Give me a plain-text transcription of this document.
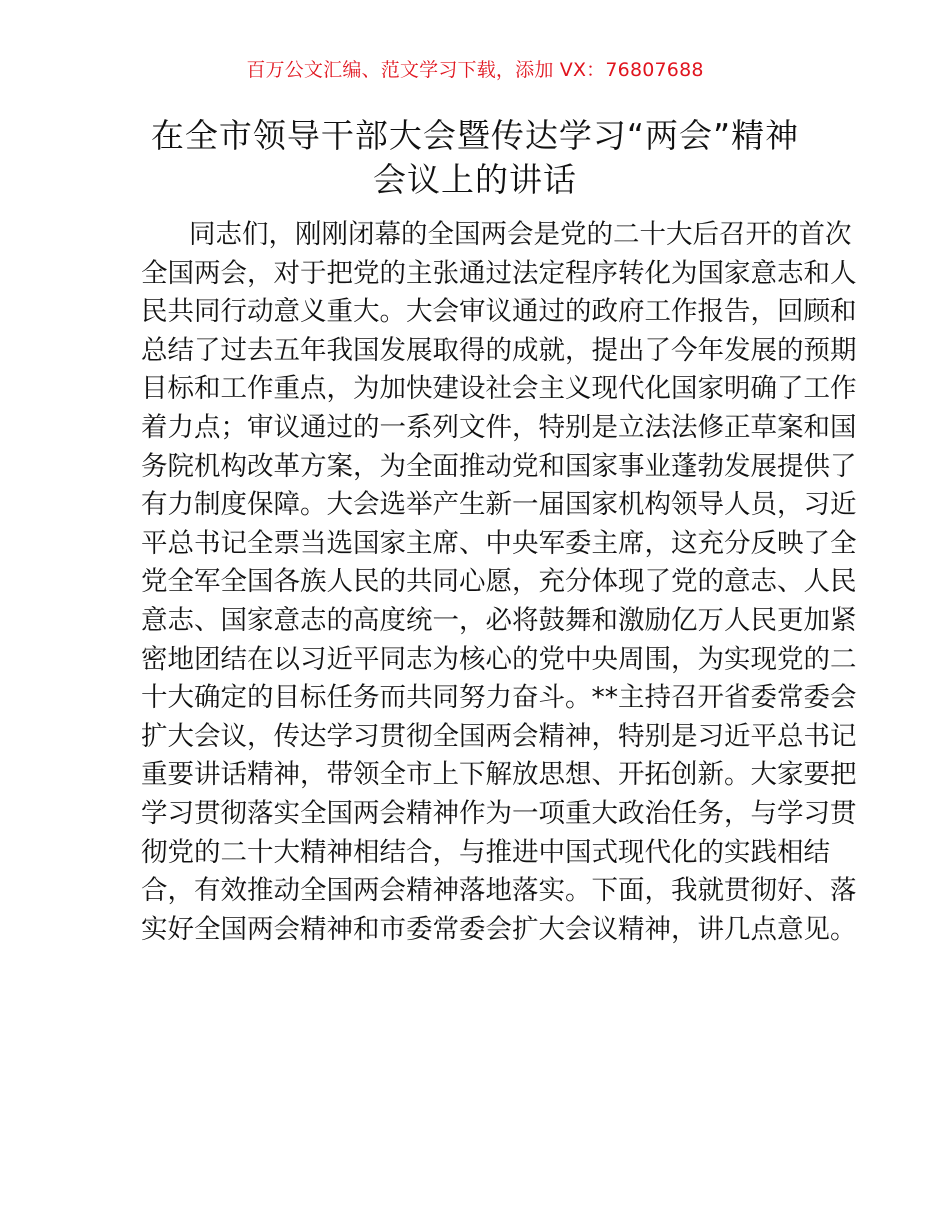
百万公文汇编、范文学习下载，添加 VX：76807688
在全市领导干部大会暨传达学习“两会”精神
会议上的讲话
同志们，刚刚闭幕的全国两会是党的二十大后召开的首次
全国两会，对于把党的主张通过法定程序转化为国家意志和人
民共同行动意义重大。大会审议通过的政府工作报告，回顾和
总结了过去五年我国发展取得的成就，提出了今年发展的预期
目标和工作重点，为加快建设社会主义现代化国家明确了工作
着力点；审议通过的一系列文件，特别是立法法修正草案和国
务院机构改革方案，为全面推动党和国家事业蓬勃发展提供了
有力制度保障。大会选举产生新一届国家机构领导人员，习近
平总书记全票当选国家主席、中央军委主席，这充分反映了全
党全军全国各族人民的共同心愿，充分体现了党的意志、人民
意志、国家意志的高度统一，必将鼓舞和激励亿万人民更加紧
密地团结在以习近平同志为核心的党中央周围，为实现党的二
十大确定的目标任务而共同努力奋斗。**主持召开省委常委会
扩大会议，传达学习贯彻全国两会精神，特别是习近平总书记
重要讲话精神，带领全市上下解放思想、开拓创新。大家要把
学习贯彻落实全国两会精神作为一项重大政治任务，与学习贯
彻党的二十大精神相结合，与推进中国式现代化的实践相结
合，有效推动全国两会精神落地落实。下面，我就贯彻好、落
实好全国两会精神和市委常委会扩大会议精神，讲几点意见。
